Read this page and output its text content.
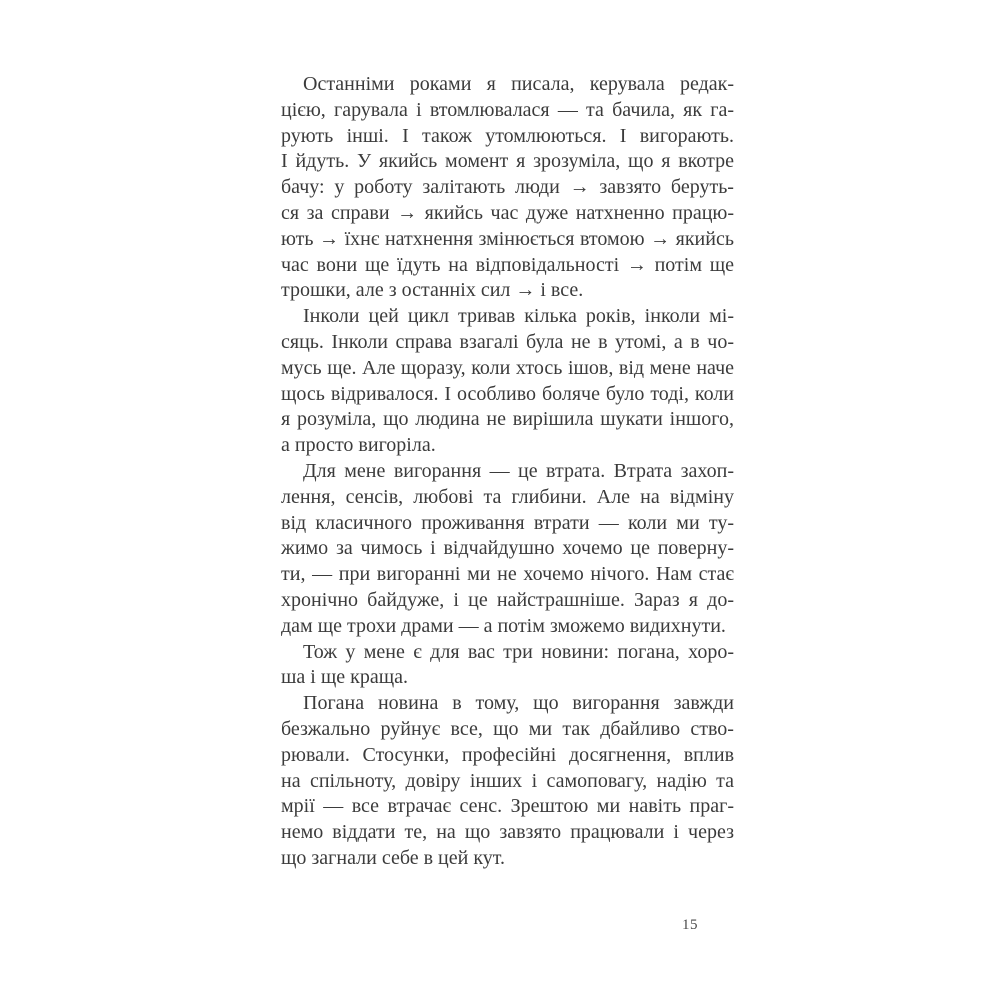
Останніми роками я писала, керувала редак-
цією, гарувала і втомлювалася — та бачила, як га-
рують інші. І також утомлюються. І вигорають.
І йдуть. У якийсь момент я зрозуміла, що я вкотре
бачу: у роботу залітають люди → завзято беруть-
ся за справи → якийсь час дуже натхненно працю-
ють → їхнє натхнення змінюється втомою → якийсь
час вони ще їдуть на відповідальності → потім ще
трошки, але з останніх сил → і все.
Інколи цей цикл тривав кілька років, інколи мі-
сяць. Інколи справа взагалі була не в утомі, а в чо-
мусь ще. Але щоразу, коли хтось ішов, від мене наче
щось відривалося. І особливо боляче було тоді, коли
я розуміла, що людина не вирішила шукати іншого,
а просто вигоріла.
Для мене вигорання — це втрата. Втрата захоп-
лення, сенсів, любові та глибини. Але на відміну
від класичного проживання втрати — коли ми ту-
жимо за чимось і відчайдушно хочемо це поверну-
ти, — при вигоранні ми не хочемо нічого. Нам стає
хронічно байдуже, і це найстрашніше. Зараз я до-
дам ще трохи драми — а потім зможемо видихнути.
Тож у мене є для вас три новини: погана, хоро-
ша і ще краща.
Погана новина в тому, що вигорання завжди
безжально руйнує все, що ми так дбайливо ство-
рювали. Стосунки, професійні досягнення, вплив
на спільноту, довіру інших і самоповагу, надію та
мрії — все втрачає сенс. Зрештою ми навіть праг-
немо віддати те, на що завзято працювали і через
що загнали себе в цей кут.
15
